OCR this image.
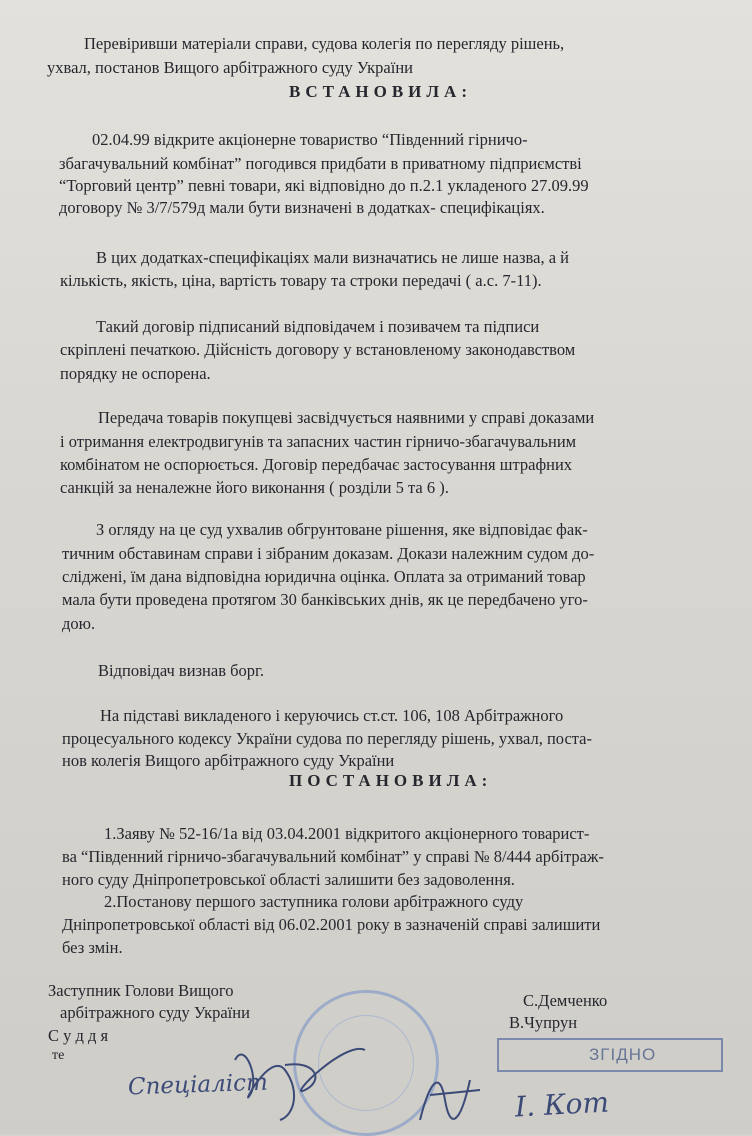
Перевіривши матеріали справи, судова колегія по перегляду рішень,
ухвал, постанов Вищого арбітражного суду України
ВСТАНОВИЛА:
02.04.99 відкрите акціонерне товариство “Південний гірничо-
збагачувальний комбінат” погодився придбати в приватному підприємстві
“Торговий центр” певні товари, які відповідно до п.2.1 укладеного 27.09.99
договору № 3/7/579д мали бути визначені в додатках- специфікаціях.
В цих додатках-специфікаціях мали визначатись не лише назва, а й
кількість, якість, ціна, вартість товару та строки передачі ( а.с. 7-11).
Такий договір підписаний відповідачем і позивачем та підписи
скріплені печаткою. Дійсність договору у встановленому законодавством
порядку не оспорена.
Передача товарів покупцеві засвідчується наявними у справі доказами
і отримання електродвигунів та запасних частин гірничо-збагачувальним
комбінатом не оспорюється. Договір передбачає застосування штрафних
санкцій за неналежне його виконання ( розділи 5 та 6 ).
З огляду на це суд ухвалив обгрунтоване рішення, яке відповідає фак-
тичним обставинам справи і зібраним доказам. Докази належним судом до-
сліджені, їм дана відповідна юридична оцінка. Оплата за отриманий товар
мала бути проведена протягом 30 банківських днів, як це передбачено уго-
дою.
Відповідач визнав борг.
На підставі викладеного і керуючись ст.ст. 106, 108 Арбітражного
процесуального кодексу України судова по перегляду рішень, ухвал, поста-
нов колегія Вищого арбітражного суду України
ПОСТАНОВИЛА:
1.Заяву № 52-16/1а від 03.04.2001 відкритого акціонерного товарист-
ва “Південний гірничо-збагачувальний комбінат” у справі № 8/444 арбітраж-
ного суду Дніпропетровської області залишити без задоволення.
2.Постанову першого заступника голови арбітражного суду
Дніпропетровської області від 06.02.2001 року в зазначеній справі залишити
без змін.
Заступник Голови Вищого
арбітражного суду України
С у д д я
те
С.Демченко
В.Чупрун
ЗГІДНО
Спеціаліст
І. Кот
